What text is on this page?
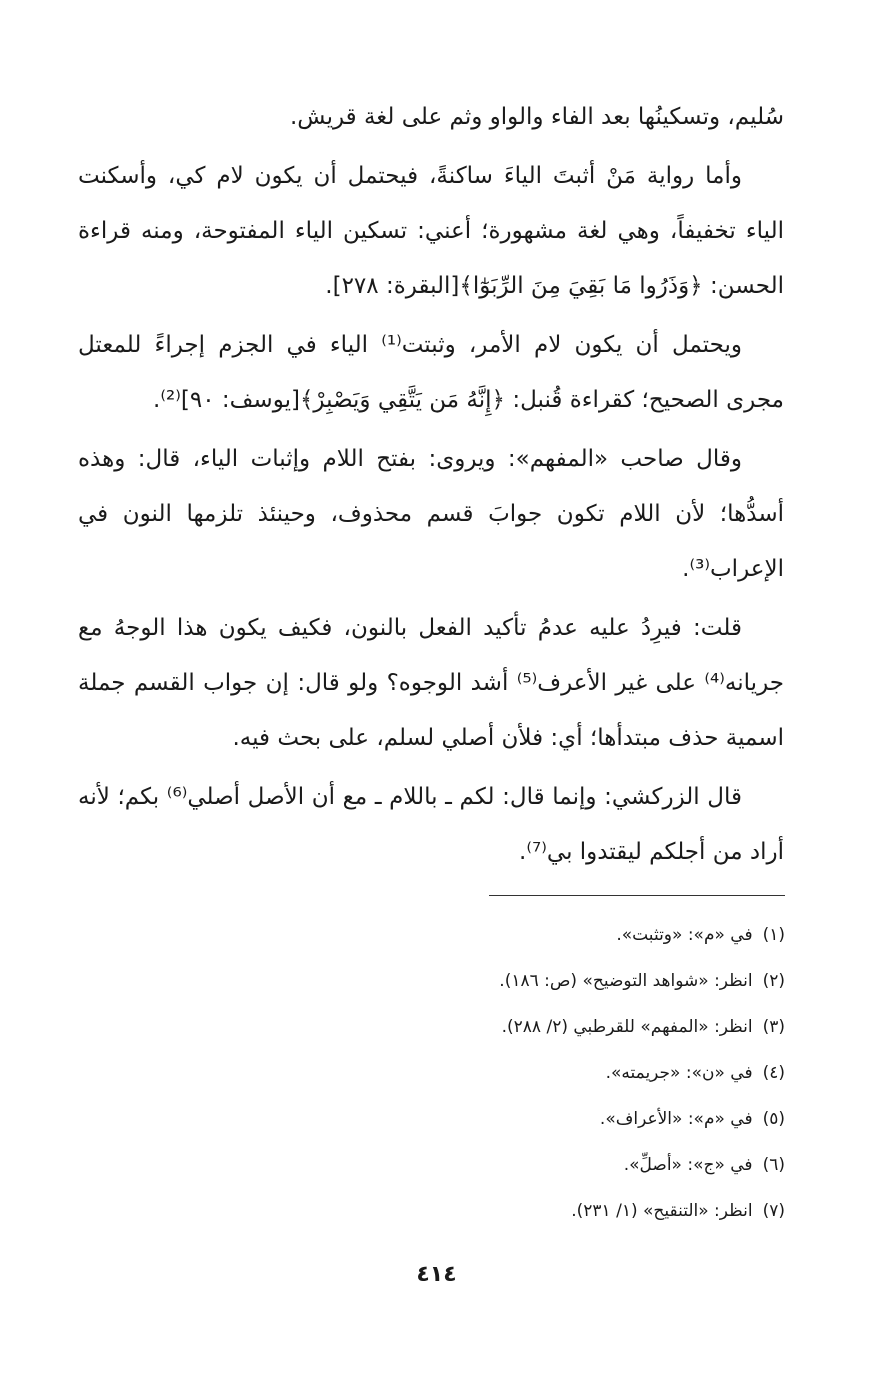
سُليم، وتسكينُها بعد الفاء والواو وثم على لغة قريش.

وأما رواية مَنْ أثبتَ الياءَ ساكنةً، فيحتمل أن يكون لام كي، وأسكنت الياء تخفيفاً، وهي لغة مشهورة؛ أعني: تسكين الياء المفتوحة، ومنه قراءة الحسن: ﴿وَذَرُوا مَا بَقِيَ مِنَ الرِّبَوٰٓا﴾[البقرة: ٢٧٨].

ويحتمل أن يكون لام الأمر، وثبتت⁽¹⁾ الياء في الجزم إجراءً للمعتل مجرى الصحيح؛ كقراءة قُنبل: ﴿إِنَّهُ مَن يَتَّقِي وَيَصْبِرْ﴾[يوسف: ٩٠]⁽²⁾.

وقال صاحب «المفهم»: ويروى: بفتح اللام وإثبات الياء، قال: وهذه أسدُّها؛ لأن اللام تكون جوابَ قسم محذوف، وحينئذ تلزمها النون في الإعراب⁽³⁾.

قلت: فيرِدُ عليه عدمُ تأكيد الفعل بالنون، فكيف يكون هذا الوجهُ مع جريانه⁽⁴⁾ على غير الأعرف⁽⁵⁾ أشد الوجوه؟ ولو قال: إن جواب القسم جملة اسمية حذف مبتدأها؛ أي: فلأن أصلي لسلم، على بحث فيه.

قال الزركشي: وإنما قال: لكم ـ باللام ـ مع أن الأصل أصلي⁽⁶⁾ بكم؛ لأنه أراد من أجلكم ليقتدوا بي⁽⁷⁾.

(١)في «م»: «وتثبت».
(٢)انظر: «شواهد التوضيح» (ص: ١٨٦).
(٣)انظر: «المفهم» للقرطبي (٢/ ٢٨٨).
(٤)في «ن»: «جريمته».
(٥)في «م»: «الأعراف».
(٦)في «ج»: «أصلِّ».
(٧)انظر: «التنقيح» (١/ ٢٣١).
٤١٤
